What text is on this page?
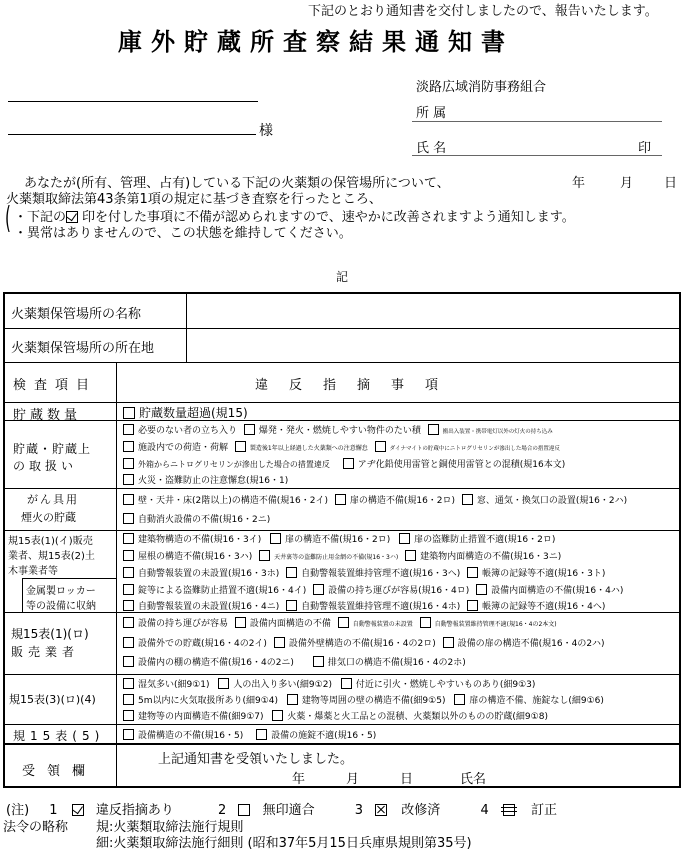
下記のとおり通知書を交付しましたので、報告いたします。
庫外貯蔵所査察結果通知書
様
淡路広域消防事務組合
所 属
氏 名	印
あなたが(所有、管理、占有)している下記の火薬類の保管場所について、	年	月 日
火薬類取締法第43条第1項の規定に基づき査察を行ったところ、
( ・下記の 印を付した事項に不備が認められますので、速やかに改善されますよう通知します。
・異常はありませんので、この状態を維持してください。
記
火薬類保管場所の名称
火薬類保管場所の所在地
検査項目	違反指摘事項
貯蔵数量	貯蔵数量超過(規15)
貯蔵・貯蔵上
の取扱い
必要のない者の立ち入り 爆発・発火・燃焼しやすい物件のたい積	搬出入装置・携帯電灯以外の灯火の持ち込み
施設内での荷造・荷解	製造後1年以上経過した火薬類への注意懈怠	ダイナマイトの貯蔵中にニトログリセリンが滲出した場合の措置違反
外箱からニトログリセリンが滲出した場合の措置違反	アヂ化鉛使用雷管と銅使用雷管との混積(規16本文)
火災・盗難防止の注意懈怠(規16・1)
がん具用
煙火の貯蔵
壁・天井・床(2階以上)の構造不備(規16・2イ) 扉の構造不備(規16・2ロ) 窓、通気・換気口の設置(規16・2ハ)
自動消火設備の不備(規16・2ニ)
規15表(1)(イ)販売
業者、規15表(2)土
木事業者等
建築物構造の不備(規16・3イ)	扉の構造不備(規16・2ロ)	扉の盗難防止措置不適(規16・2ロ)
屋根の構造不備(規16・3ハ)	天井裏等の盗難防止用金網の不備(規16・3ハ) 建築物内面構造の不備(規16・3ニ)
自動警報装置の未設置(規16・3ホ) 自動警報装置維持管理不適(規16・3ヘ) 帳簿の記録等不適(規16・3ト)
金属製ロッカー
等の設備に収納
錠等による盗難防止措置不適(規16・4イ) 設備の持ち運びが容易(規16・4ロ) 設備内面構造の不備(規16・4ハ)
自動警報装置の未設置(規16・4ニ) 自動警報装置維持管理不適(規16・4ホ) 帳簿の記録等不適(規16・4ヘ)
規15表(1)(ロ)
販売業者
設備の持ち運びが容易 設備内面構造の不備	自動警報装置の未設置	自動警報装置維持管理不適(規16・4の2本文)
設備外での貯蔵(規16・4の2イ) 設備外壁構造の不備(規16・4の2ロ) 設備の扉の構造不備(規16・4の2ハ)
設備内の棚の構造不備(規16・4の2ニ)	排気口の構造不備(規16・4の2ホ)
規15表(3)(ロ)(4)
湿気多い(細9①1)	人の出入り多い(細9①2)	付近に引火・燃焼しやすいものあり(細9①3)
5m以内に火気取扱所あり(細9①4)	建物等周囲の壁の構造不備(細9①5)	扉の構造不備、施錠なし(細9①6)
建物等の内面構造不備(細9①7)	火薬・爆薬と火工品との混積、火薬類以外のものの貯蔵(細9①8)
規15表(5)	設備構造の不備(規16・5)	設備の施錠不適(規16・5)
受領欄
上記通知書を受領いたしました。
年	月	日	氏名
(注) 1	違反指摘あり	2	無印適合	3 ☒ 改修済	4	訂正
法令の略称 規:火薬類取締法施行規則
細:火薬類取締法施行細則 (昭和37年5月15日兵庫県規則第35号)
